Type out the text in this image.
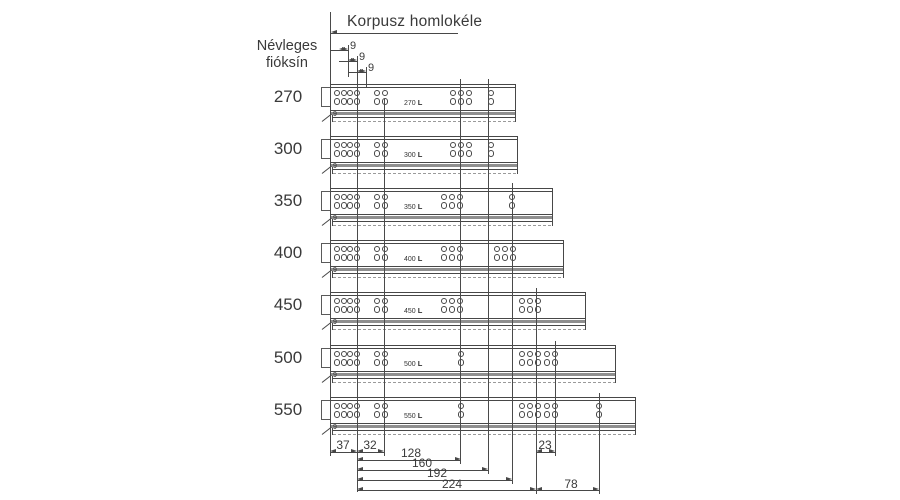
Korpusz homlokéle
Névleges
fióksín
270	270 L
9
300	300 L
9
350	350 L
9
400	400 L
9
450	450 L
9
500	500 L
9
550	550 L
9
9
9
9
37 32	23
128
160
192
224	78
